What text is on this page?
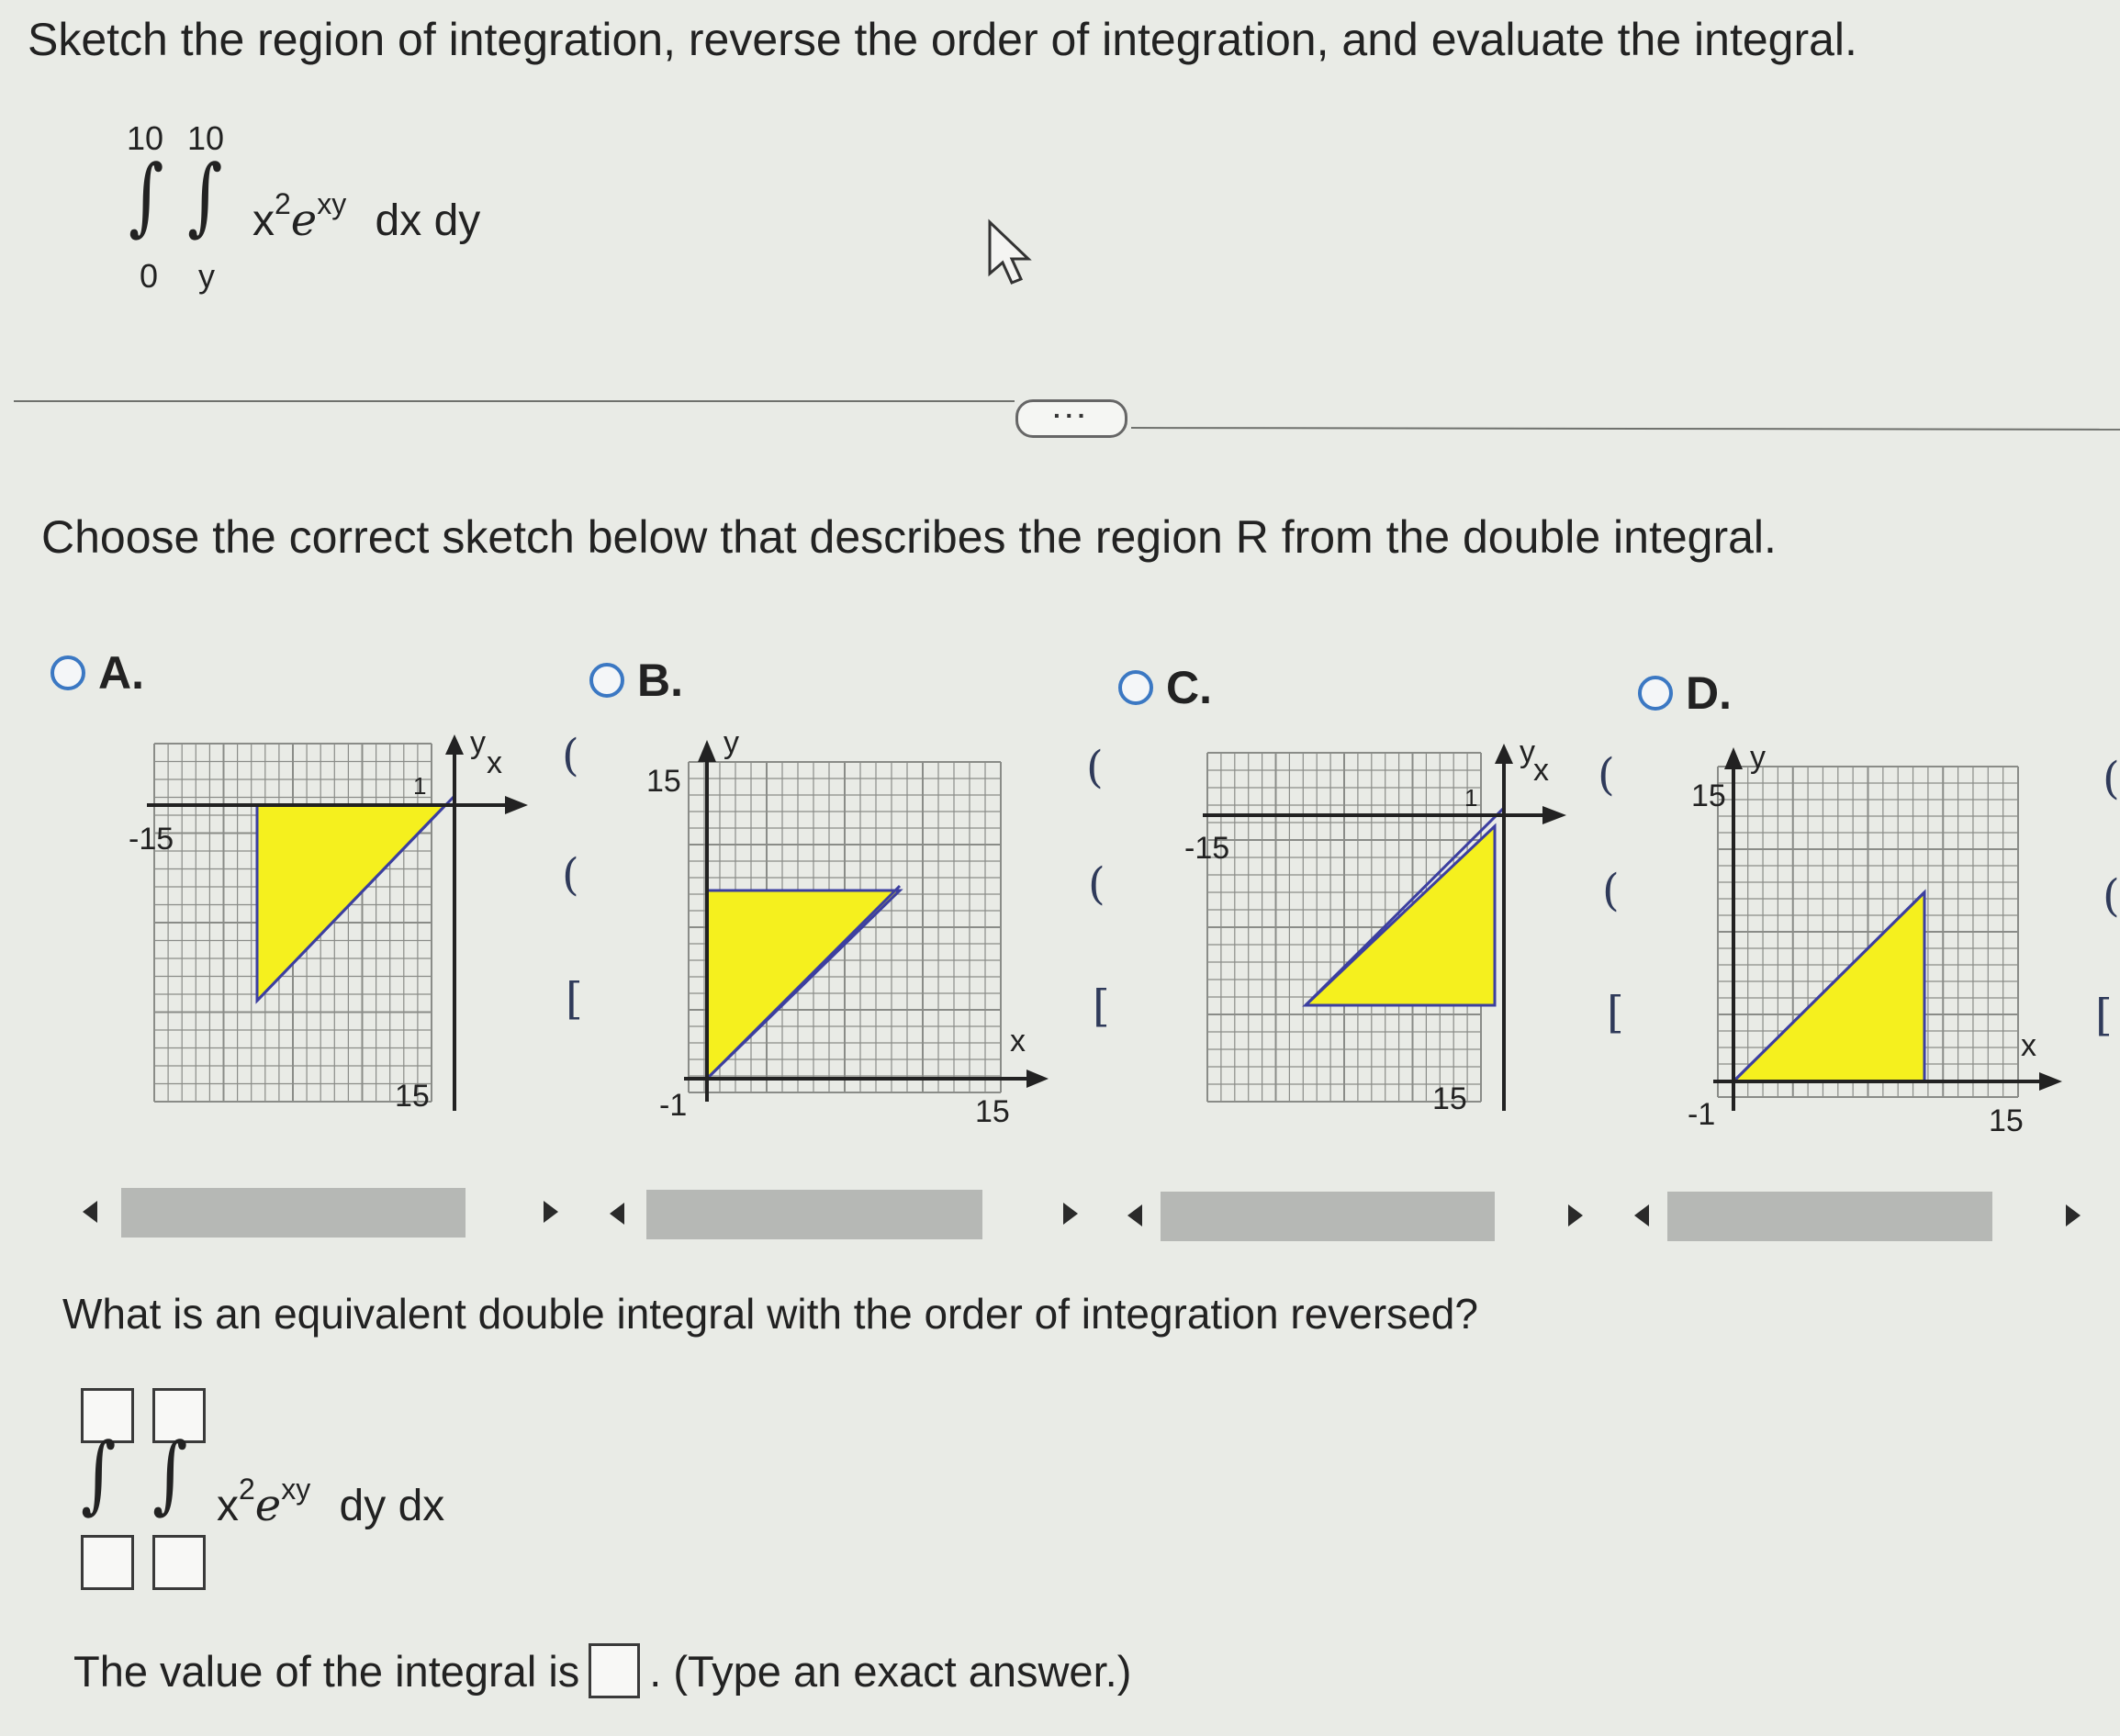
Sketch the region of integration, reverse the order of integration, and evaluate the integral.
10 10
∫ ∫
0 y
$x^2e^{xy}$ dx dy
···
Choose the correct sketch below that describes the region R from the double integral.
A.	B.	C.	D.
y
x
-15
15
1
y
x
15
-1	15
y
x
-15
15
1
y
x
15
-1	15
(
(
[
(
(
[
(
(
[
(
(
[
What is an equivalent double integral with the order of integration reversed?
∫ ∫ $x^2e^{xy}$ dy dx
The value of the integral is . (Type an exact answer.)
